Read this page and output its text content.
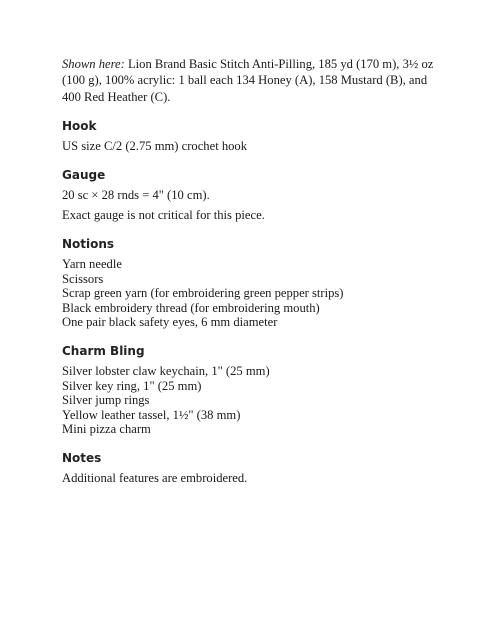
Shown here: Lion Brand Basic Stitch Anti-Pilling, 185 yd (170 m), 3½ oz (100 g), 100% acrylic: 1 ball each 134 Honey (A), 158 Mustard (B), and 400 Red Heather (C).

Hook

US size C/2 (2.75 mm) crochet hook

Gauge

20 sc × 28 rnds = 4" (10 cm).

Exact gauge is not critical for this piece.

Notions

Yarn needle

Scissors

Scrap green yarn (for embroidering green pepper strips)

Black embroidery thread (for embroidering mouth)

One pair black safety eyes, 6 mm diameter

Charm Bling

Silver lobster claw keychain, 1" (25 mm)

Silver key ring, 1" (25 mm)

Silver jump rings

Yellow leather tassel, 1½" (38 mm)

Mini pizza charm

Notes

Additional features are embroidered.
